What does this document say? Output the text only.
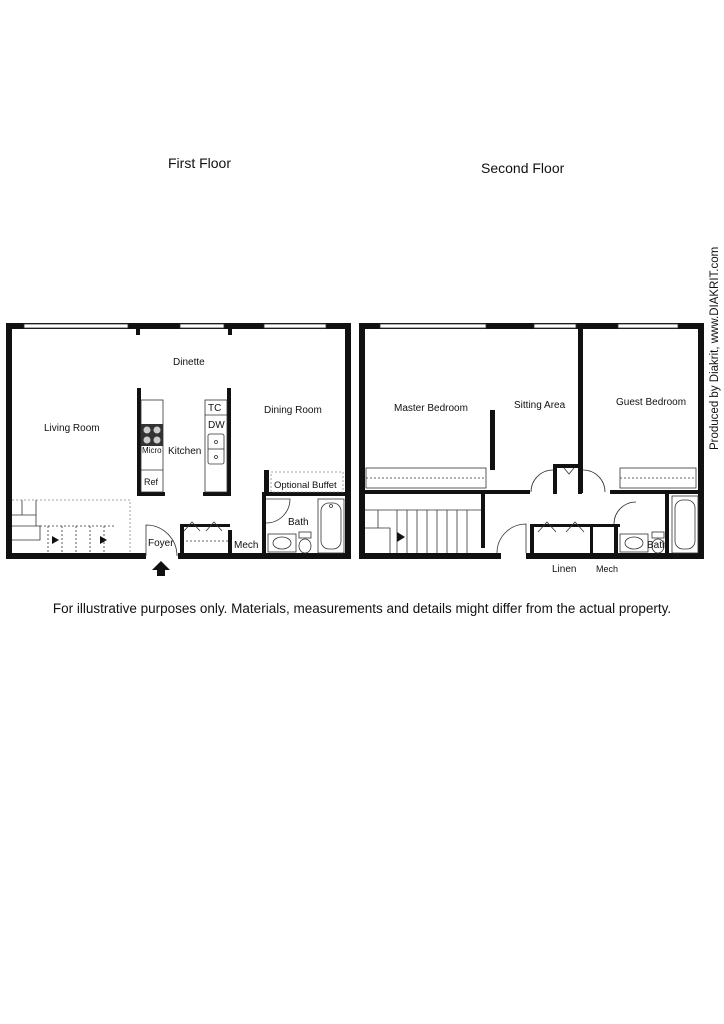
First Floor	Second Floor
Living Room
Dinette
Kitchen
Dining Room
Optional Buffet
Foyer
Bath
Mech
TC
DW
Micro
Ref
Master Bedroom	Sitting Area	Guest Bedroom
Bath
Linen Mech
For illustrative purposes only. Materials, measurements and details might differ from the actual property.
Produced by Diakrit, www.DIAKRIT.com
